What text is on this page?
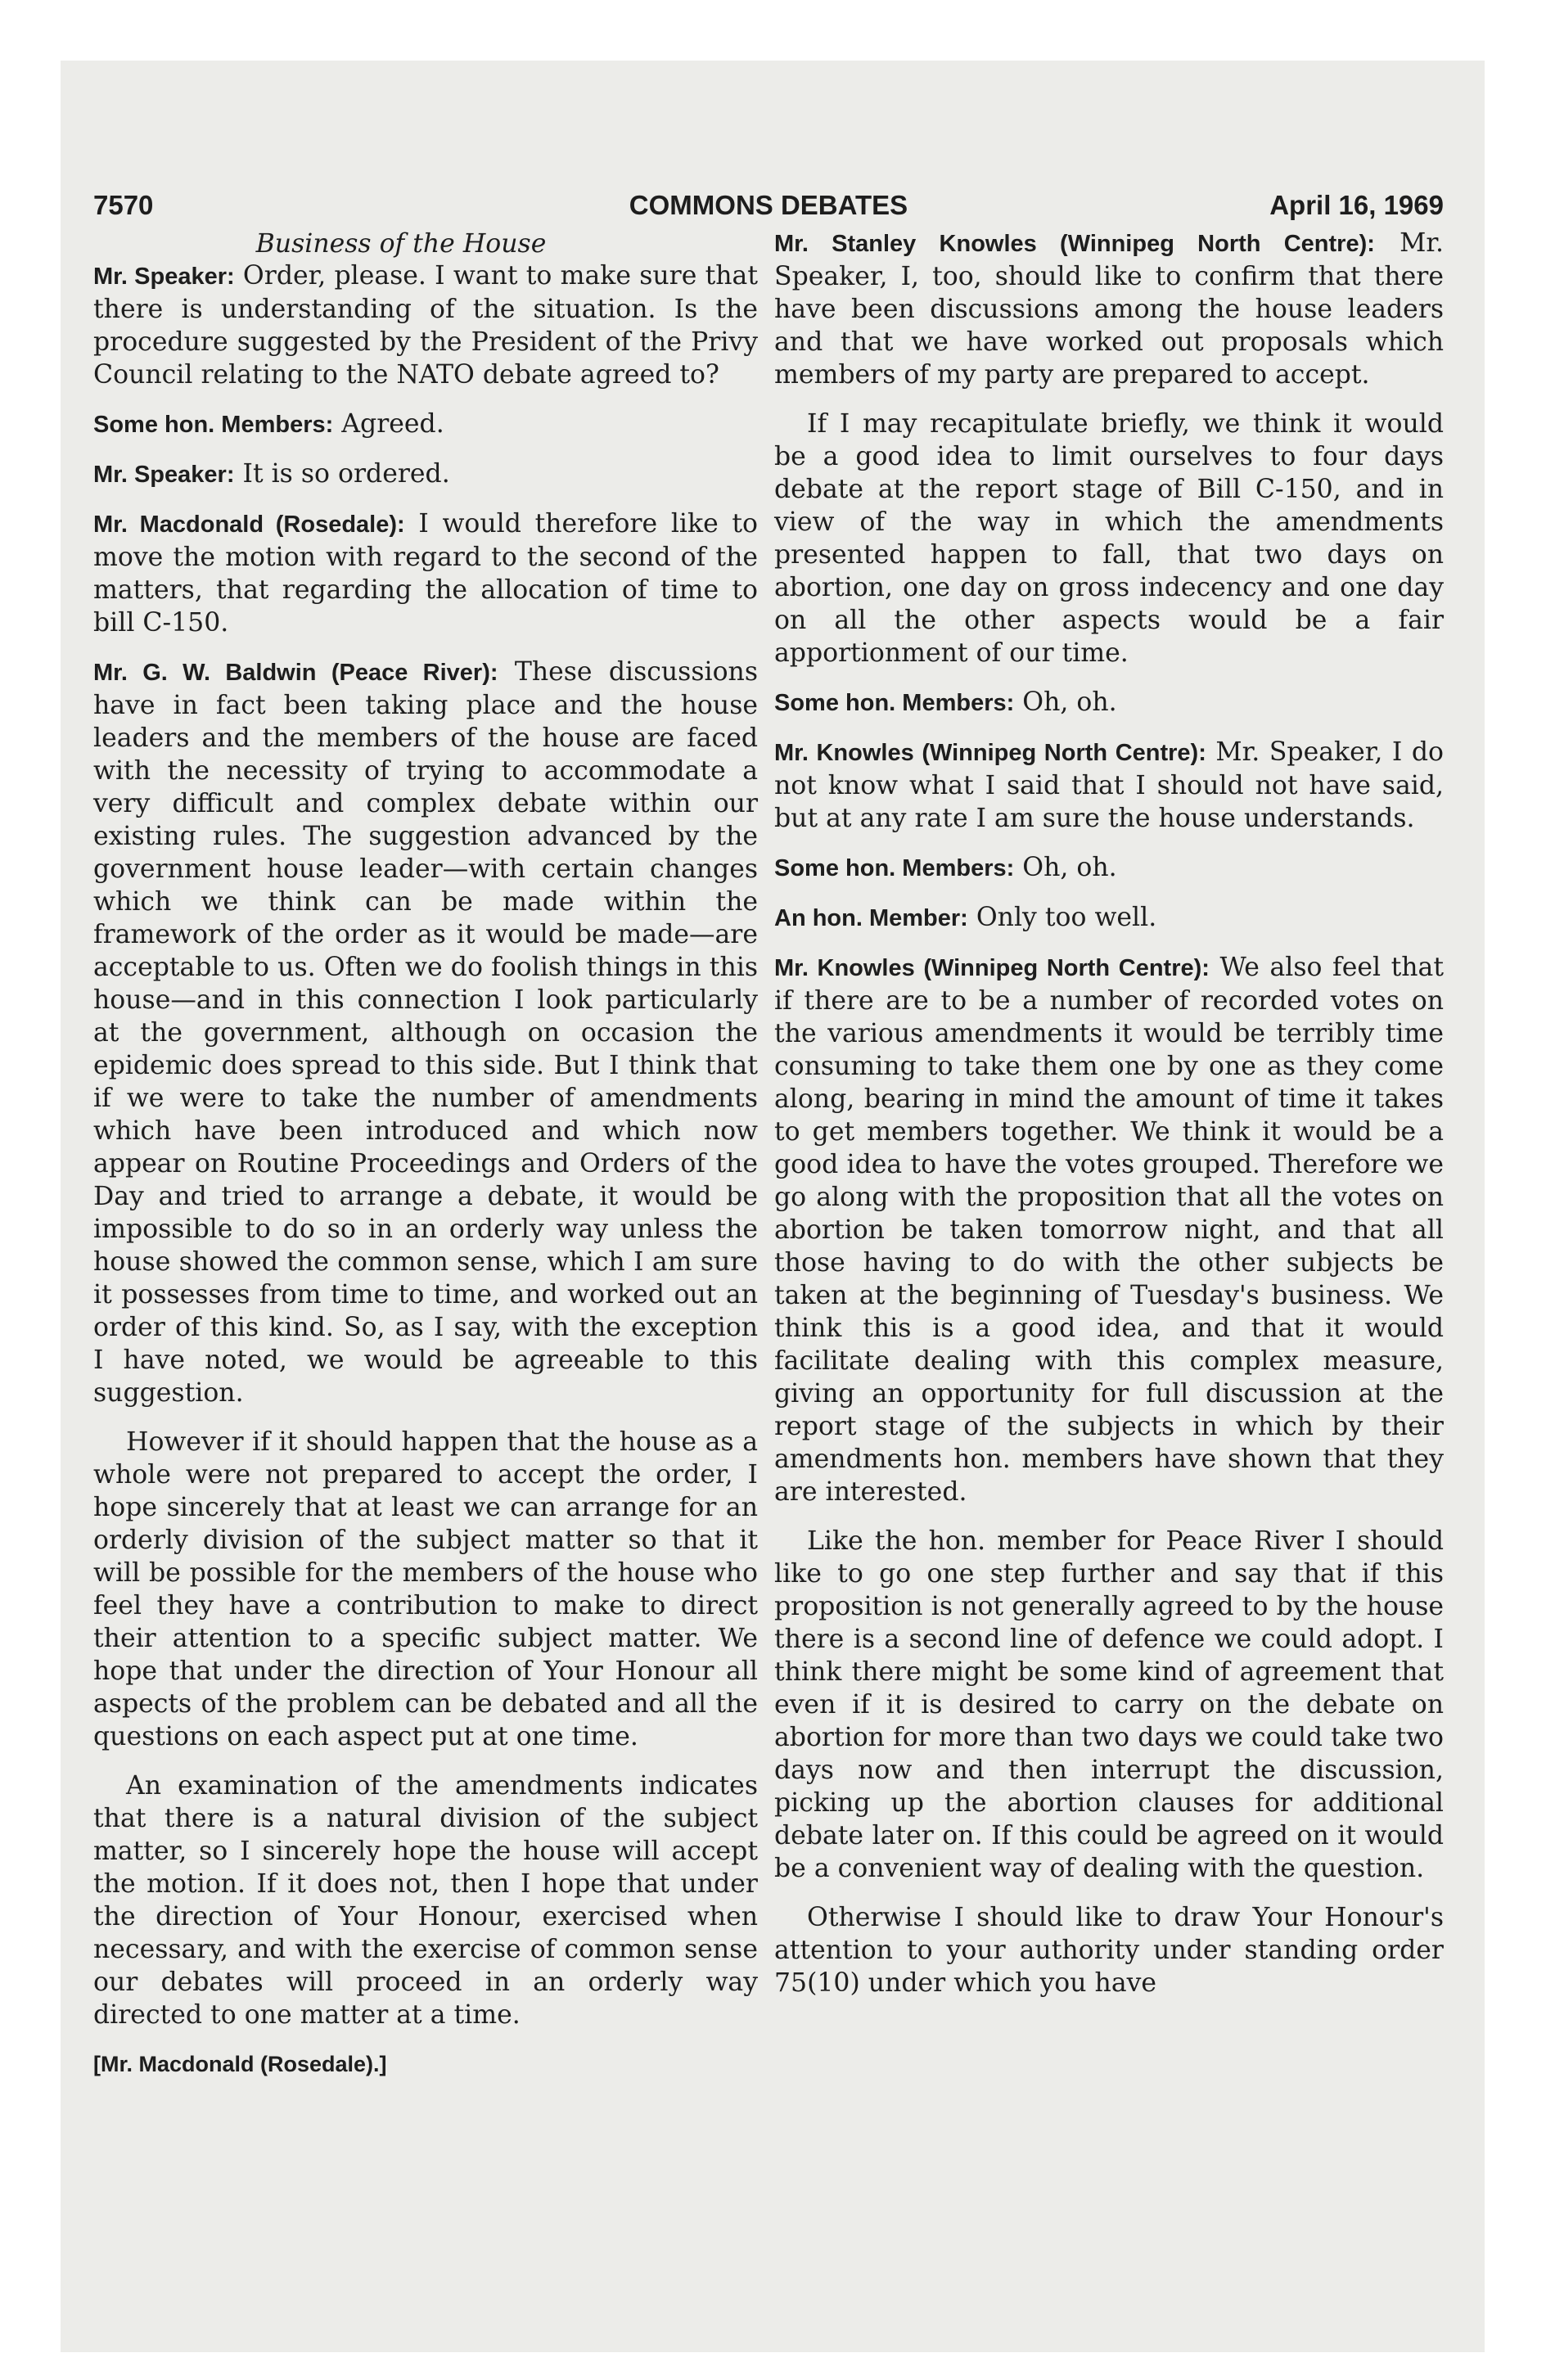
7570	COMMONS DEBATES	April 16, 1969
Business of the House

Mr. Speaker: Order, please. I want to make sure that there is understanding of the situation. Is the procedure suggested by the President of the Privy Council relating to the NATO debate agreed to?

Some hon. Members: Agreed.

Mr. Speaker: It is so ordered.

Mr. Macdonald (Rosedale): I would therefore like to move the motion with regard to the second of the matters, that regarding the allocation of time to bill C-150.

Mr. G. W. Baldwin (Peace River): These discussions have in fact been taking place and the house leaders and the members of the house are faced with the necessity of trying to accommodate a very difficult and complex debate within our existing rules. The suggestion advanced by the government house leader—with certain changes which we think can be made within the framework of the order as it would be made—are acceptable to us. Often we do foolish things in this house—and in this connection I look particularly at the government, although on occasion the epidemic does spread to this side. But I think that if we were to take the number of amendments which have been introduced and which now appear on Routine Proceedings and Orders of the Day and tried to arrange a debate, it would be impossible to do so in an orderly way unless the house showed the common sense, which I am sure it possesses from time to time, and worked out an order of this kind. So, as I say, with the exception I have noted, we would be agreeable to this suggestion.

However if it should happen that the house as a whole were not prepared to accept the order, I hope sincerely that at least we can arrange for an orderly division of the subject matter so that it will be possible for the members of the house who feel they have a contribution to make to direct their attention to a specific subject matter. We hope that under the direction of Your Honour all aspects of the problem can be debated and all the questions on each aspect put at one time.

An examination of the amendments indicates that there is a natural division of the subject matter, so I sincerely hope the house will accept the motion. If it does not, then I hope that under the direction of Your Honour, exercised when necessary, and with the exercise of common sense our debates will proceed in an orderly way directed to one matter at a time.

[Mr. Macdonald (Rosedale).]

Mr. Stanley Knowles (Winnipeg North Centre): Mr. Speaker, I, too, should like to confirm that there have been discussions among the house leaders and that we have worked out proposals which members of my party are prepared to accept.

If I may recapitulate briefly, we think it would be a good idea to limit ourselves to four days debate at the report stage of Bill C-150, and in view of the way in which the amendments presented happen to fall, that two days on abortion, one day on gross indecency and one day on all the other aspects would be a fair apportionment of our time.

Some hon. Members: Oh, oh.

Mr. Knowles (Winnipeg North Centre): Mr. Speaker, I do not know what I said that I should not have said, but at any rate I am sure the house understands.

Some hon. Members: Oh, oh.

An hon. Member: Only too well.

Mr. Knowles (Winnipeg North Centre): We also feel that if there are to be a number of recorded votes on the various amendments it would be terribly time consuming to take them one by one as they come along, bearing in mind the amount of time it takes to get members together. We think it would be a good idea to have the votes grouped. Therefore we go along with the proposition that all the votes on abortion be taken tomorrow night, and that all those having to do with the other subjects be taken at the beginning of Tuesday's business. We think this is a good idea, and that it would facilitate dealing with this complex measure, giving an opportunity for full discussion at the report stage of the subjects in which by their amendments hon. members have shown that they are interested.

Like the hon. member for Peace River I should like to go one step further and say that if this proposition is not generally agreed to by the house there is a second line of defence we could adopt. I think there might be some kind of agreement that even if it is desired to carry on the debate on abortion for more than two days we could take two days now and then interrupt the discussion, picking up the abortion clauses for additional debate later on. If this could be agreed on it would be a convenient way of dealing with the question.

Otherwise I should like to draw Your Honour's attention to your authority under standing order 75(10) under which you have
